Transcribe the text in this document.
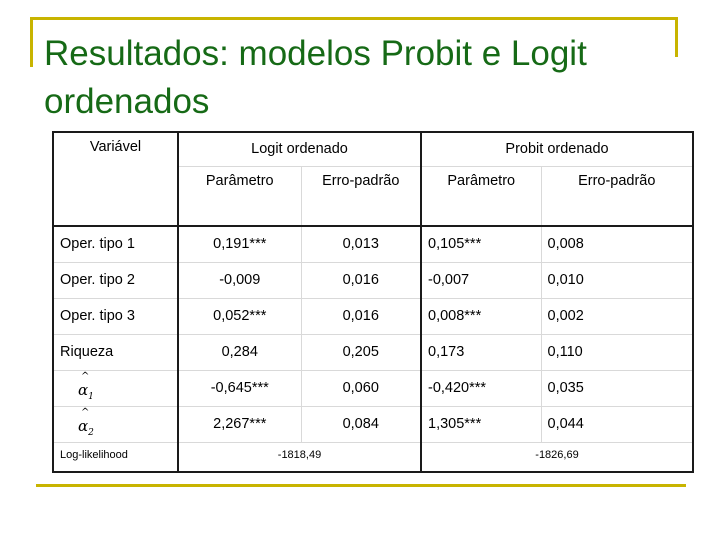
Resultados: modelos Probit e Logit ordenados
Variável	Logit ordenado		Probit ordenado	
	Parâmetro	Erro-padrão	Parâmetro	Erro-padrão
Oper. tipo 1	0,191***	0,013	0,105***	0,008
Oper. tipo 2	-0,009	0,016	-0,007	0,010
Oper. tipo 3	0,052***	0,016	0,008***	0,002
Riqueza	0,284	0,205	0,173	0,110

^
$\alpha_1$	-0,645***	0,060	-0,420***	0,035

^
$\alpha_2$	2,267***	0,084	1,305***	0,044
Log-likelihood	-1818,49		-1826,69	
